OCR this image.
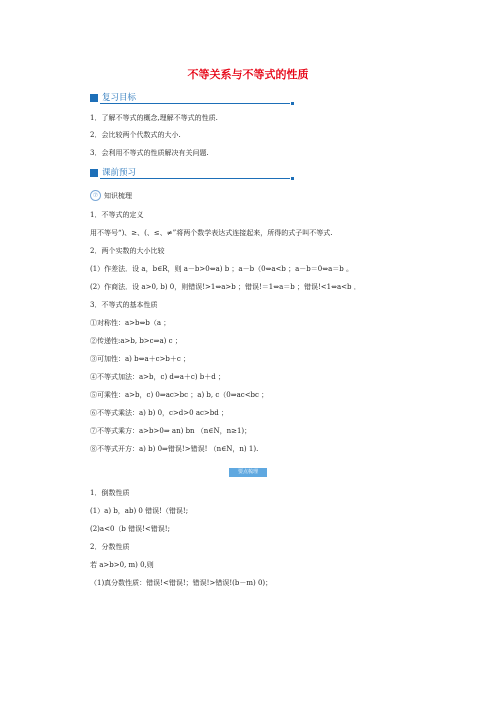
不等关系与不等式的性质
复习目标
1．了解不等式的概念,理解不等式的性质.
2．会比较两个代数式的大小.
3．会利用不等式的性质解决有关问题.
课前预习
⑦ 知识梳理
1．不等式的定义
用不等号“)、≥、(、≤、≠”将两个数学表达式连接起来，所得的式子叫不等式.
2．两个实数的大小比较
(1）作差法．设 a，b∈R，则 a－b>0⇔a) b ；a－b（0⇔a<b ；a－b＝0⇔a＝b 。
(2）作商法．设 a>0, b) 0，则错误!>1⇔a>b ；错误!＝1⇔a＝b ；错误!<1⇔a<b ．
3．不等式的基本性质
①对称性：a>b⇔b（a ；
②传递性:a>b, b>c⇒a) c ；
③可加性：a) b⇔a＋c>b＋c ；
④不等式加法：a>b，c) d⇒a＋c) b＋d ；
⑤可乘性：a>b，c) 0⇒ac>bc ；a) b, c（0⇒ac<bc ；
⑥不等式乘法：a) b) 0，c>d>0 ac>bd ；
⑦不等式乘方：a>b>0⇒ an) bn （n∈N，n≥1)；
⑧不等式开方：a) b) 0⇒错误!>错误! （n∈N，n) 1).
要点梳理
1．倒数性质
(1）a) b，ab) 0 错误!（错误!;
(2)a<0（b 错误!<错误!;
2．分数性质
若 a>b>0, m) 0,则
（1)真分数性质：错误!<错误!；错误!>错误!(b－m) 0)；
